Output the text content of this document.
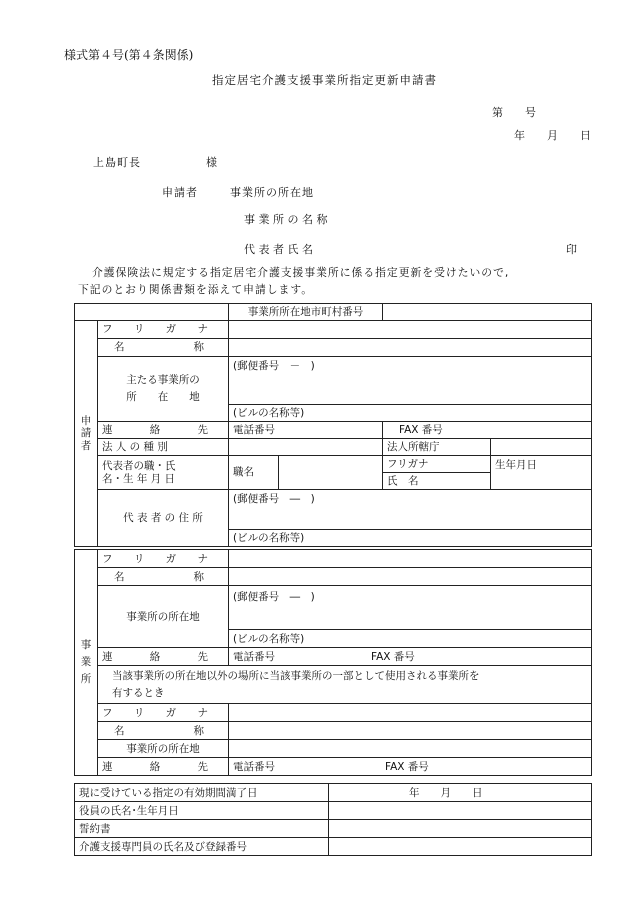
様式第４号(第４条関係)
指定居宅介護支援事業所指定更新申請書
第　　号
年　　月　　日
上島町長	様
申請者	事業所の所在地
事 業 所 の 名 称
代 表 者 氏 名	印
介護保険法に規定する指定居宅介護支援事業所に係る指定更新を受けたいので,
下記のとおり関係書類を添えて申請します。
		事業所所在地市町村番号			
申
請
者	フ リ ガ ナ				

	名 称				

	主たる事業所の
所　　在　　地	(郵便番号　－　)			
		(ビルの名称等)			

	連 絡 先	電話番号		FAX 番号	
	法 人 の 種 別			法人所轄庁	
	代表者の職・氏
名・生 年 月 日	職名		フリガナ	生年月日
				氏　名	
	代 表 者 の 住 所	(郵便番号　―　)			
		(ビルの名称等)			
事
業
所	フ リ ガ ナ	

	名 称	

	事業所の所在地	(郵便番号　―　)
		(ビルの名称等)

	連 絡 先	電話番号 FAX 番号
	当該事業所の所在地以外の場所に当該事業所の一部として使用される事業所を
有するとき	

	フ リ ガ ナ	

	名 称	

	事業所の所在地	

	連 絡 先	電話番号 FAX 番号
現に受けている指定の有効期間満了日	年　　月　　日
役員の氏名･生年月日	
誓約書	
介護支援専門員の氏名及び登録番号	
